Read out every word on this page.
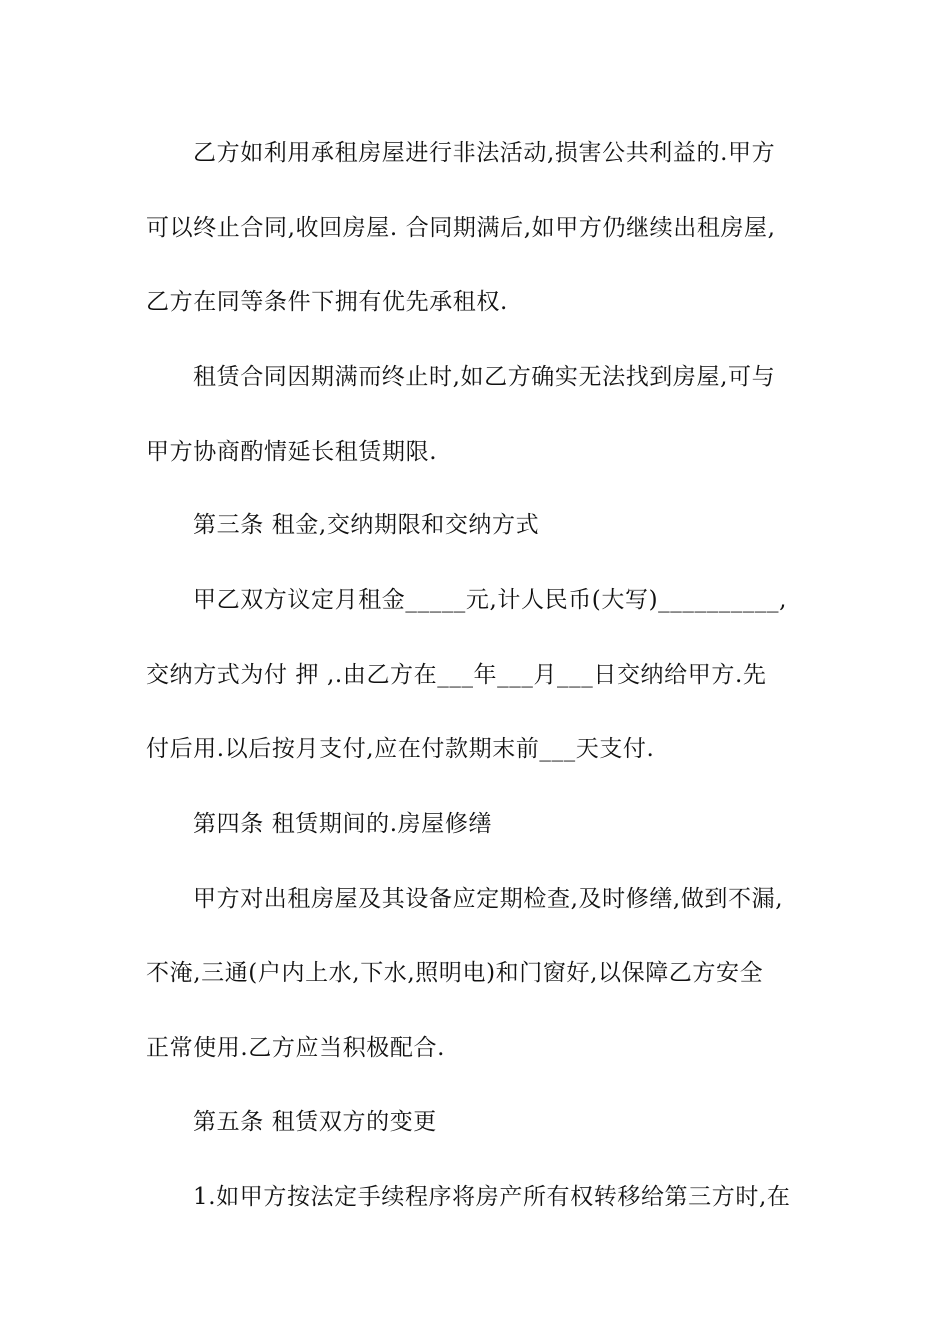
乙方如利用承租房屋进行非法活动,损害公共利益的.甲方
可以终止合同,收回房屋. 合同期满后,如甲方仍继续出租房屋,
乙方在同等条件下拥有优先承租权.
租赁合同因期满而终止时,如乙方确实无法找到房屋,可与
甲方协商酌情延长租赁期限.
第三条 租金,交纳期限和交纳方式
甲乙双方议定月租金_____元,计人民币(大写)__________,
交纳方式为付 押 ,.由乙方在___年___月___日交纳给甲方.先
付后用.以后按月支付,应在付款期末前___天支付.
第四条 租赁期间的.房屋修缮
甲方对出租房屋及其设备应定期检查,及时修缮,做到不漏,
不淹,三通(户内上水,下水,照明电)和门窗好,以保障乙方安全
正常使用.乙方应当积极配合.
第五条 租赁双方的变更
1.如甲方按法定手续程序将房产所有权转移给第三方时,在
